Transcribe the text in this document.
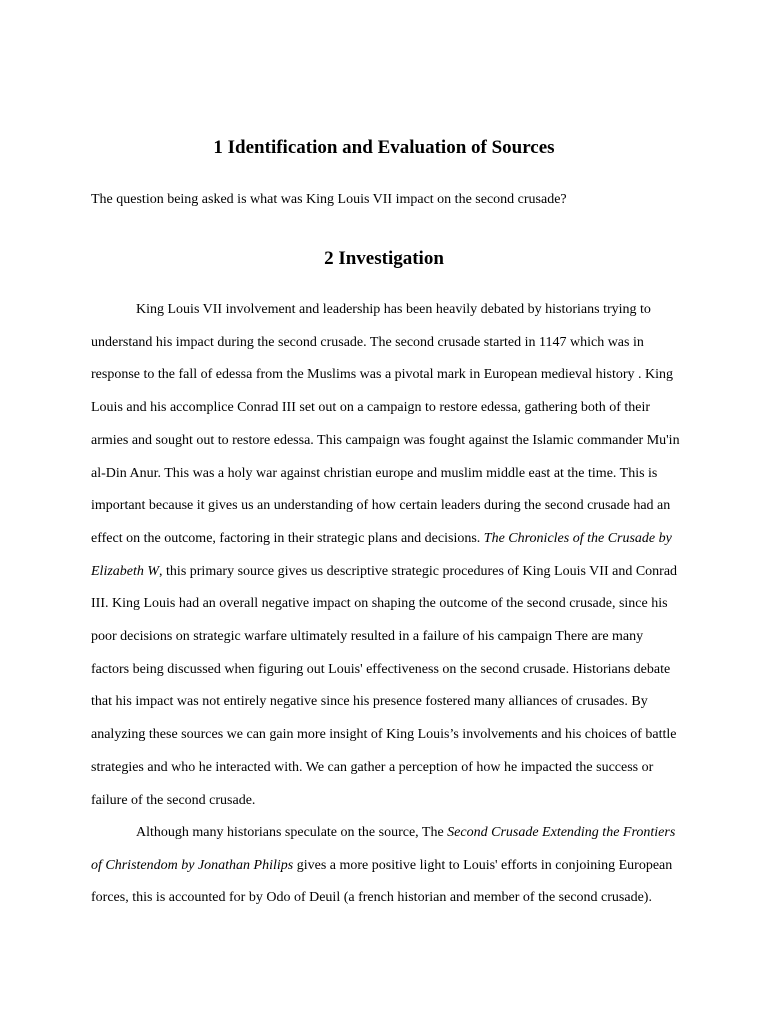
1 Identification and Evaluation of Sources

The question being asked is what was King Louis VII impact on the second crusade?

2 Investigation
King Louis VII involvement and leadership has been heavily debated by historians trying to
understand his impact during the second crusade. The second crusade started in 1147 which was in
response to the fall of edessa from the Muslims was a pivotal mark in European medieval history . King
Louis and his accomplice Conrad III set out on a campaign to restore edessa, gathering both of their
armies and sought out to restore edessa. This campaign was fought against the Islamic commander Mu'in
al-Din Anur. This was a holy war against christian europe and muslim middle east at the time. This is
important because it gives us an understanding of how certain leaders during the second crusade had an
effect on the outcome, factoring in their strategic plans and decisions. The Chronicles of the Crusade by
Elizabeth W, this primary source gives us descriptive strategic procedures of King Louis VII and Conrad
III. King Louis had an overall negative impact on shaping the outcome of the second crusade, since his
poor decisions on strategic warfare ultimately resulted in a failure of his campaign There are many
factors being discussed when figuring out Louis' effectiveness on the second crusade. Historians debate
that his impact was not entirely negative since his presence fostered many alliances of crusades. By
analyzing these sources we can gain more insight of King Louis’s involvements and his choices of battle
strategies and who he interacted with. We can gather a perception of how he impacted the success or
failure of the second crusade.
Although many historians speculate on the source, The Second Crusade Extending the Frontiers
of Christendom by Jonathan Philips gives a more positive light to Louis' efforts in conjoining European
forces, this is accounted for by Odo of Deuil (a french historian and member of the second crusade).
